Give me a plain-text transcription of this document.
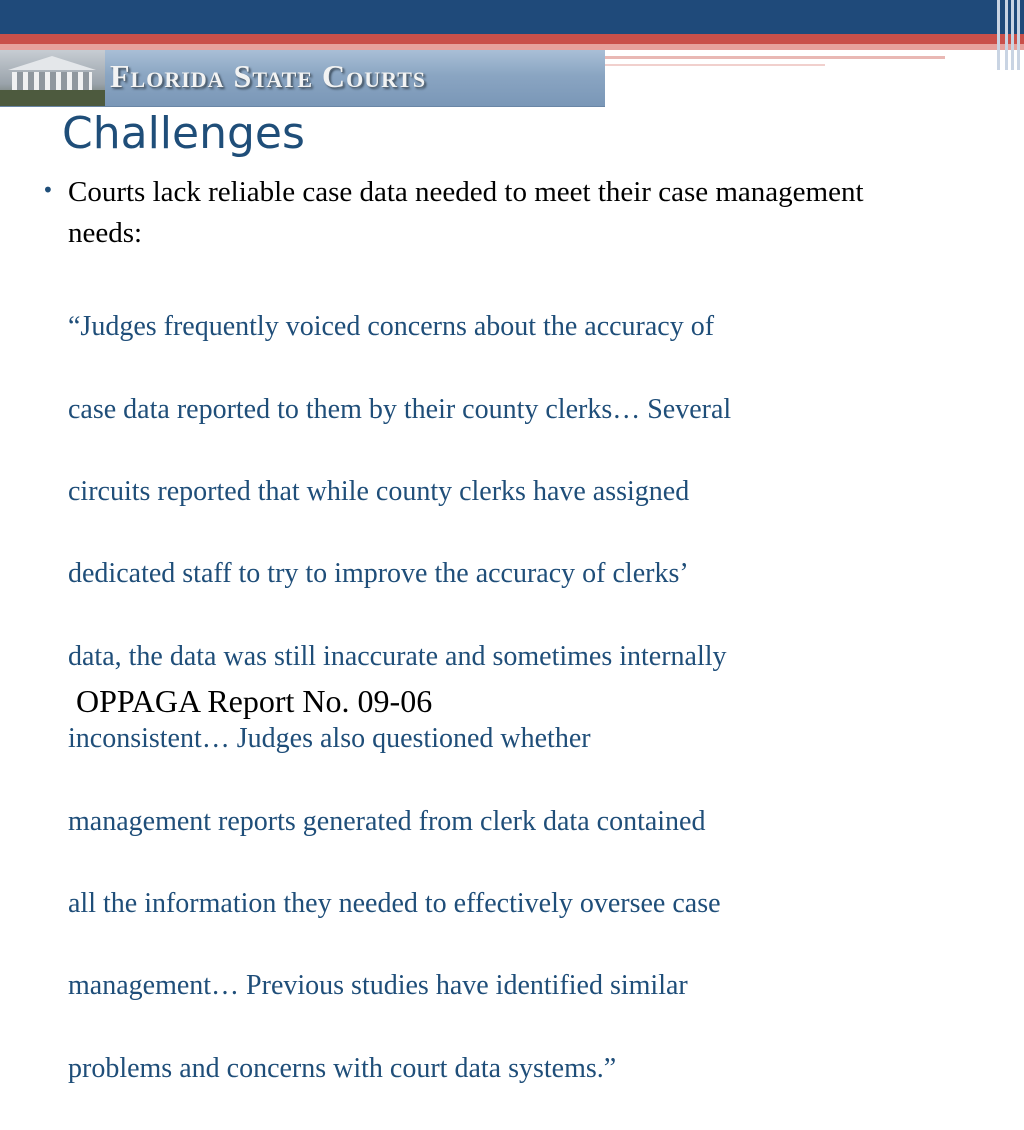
Florida State Courts
Challenges
• Courts lack reliable case data needed to meet their case management needs:

“Judges frequently voiced concerns about the accuracy of

case data reported to them by their county clerks… Several

circuits reported that while county clerks have assigned

dedicated staff to try to improve the accuracy of clerks’

data, the data was still inaccurate and sometimes internally

inconsistent… Judges also questioned whether

management reports generated from clerk data contained

all the information they needed to effectively oversee case

management… Previous studies have identified similar

problems and concerns with court data systems.”

OPPAGA Report No. 09-06
